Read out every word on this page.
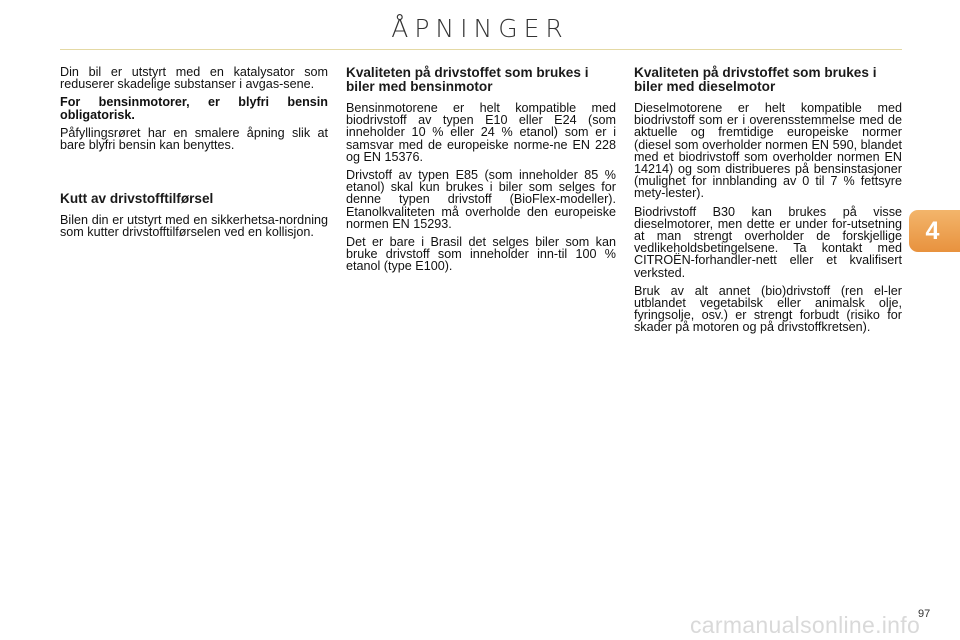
ÅPNINGER

Din bil er utstyrt med en katalysator som reduserer skadelige substanser i avgas-sene.

For bensinmotorer, er blyfri bensin obligatorisk.

Påfyllingsrøret har en smalere åpning slik at bare blyfri bensin kan benyttes.

Kutt av drivstofftilførsel

Bilen din er utstyrt med en sikkerhetsa-nordning som kutter drivstofftilførselen ved en kollisjon.

Kvaliteten på drivstoffet som brukes i biler med bensinmotor

Bensinmotorene er helt kompatible med biodrivstoff av typen E10 eller E24 (som inneholder 10 % eller 24 % etanol) som er i samsvar med de europeiske norme-ne EN 228 og EN 15376.

Drivstoff av typen E85 (som inneholder 85 % etanol) skal kun brukes i biler som selges for denne typen drivstoff (BioFlex-modeller). Etanolkvaliteten må overholde den europeiske normen EN 15293.

Det er bare i Brasil det selges biler som kan bruke drivstoff som inneholder inn-til 100 % etanol (type E100).

Kvaliteten på drivstoffet som brukes i biler med dieselmotor

Dieselmotorene er helt kompatible med biodrivstoff som er i overensstemmelse med de aktuelle og fremtidige europeiske normer (diesel som overholder normen EN 590, blandet med et biodrivstoff som overholder normen EN 14214) og som distribueres på bensinstasjoner (mulighet for innblanding av 0 til 7 % fettsyre mety-lester).

Biodrivstoff B30 kan brukes på visse dieselmotorer, men dette er under for-utsetning at man strengt overholder de forskjellige vedlikeholdsbetingelsene. Ta kontakt med CITROËN-forhandler-nett eller et kvalifisert verksted.

Bruk av alt annet (bio)drivstoff (ren el-ler utblandet vegetabilsk eller animalsk olje, fyringsolje, osv.) er strengt forbudt (risiko for skader på motoren og på drivstoffkretsen).

4
carmanualsonline.info
97
